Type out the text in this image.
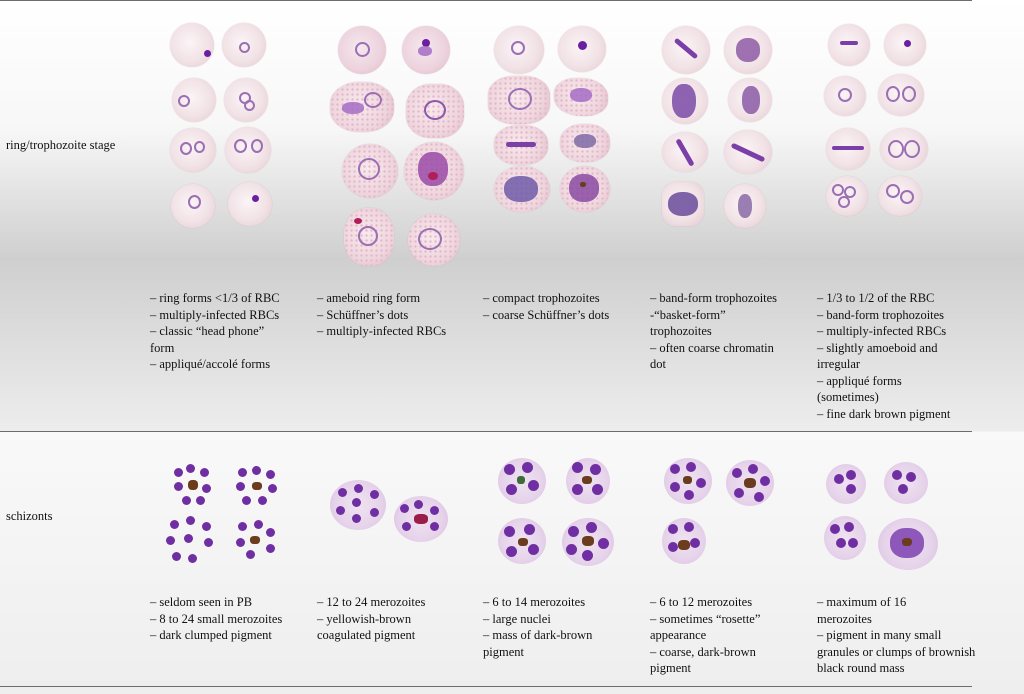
ring/trophozoite stage
schizonts
– ring forms <1/3 of RBC
– multiply-infected RBCs
– classic “head phone” form
– appliqué/accolé forms
– ameboid ring form
– Schüffner’s dots
– multiply-infected RBCs
– compact trophozoites
– coarse Schüffner’s dots
– band-form trophozoites
-“basket-form” trophozoites
– often coarse chromatin dot
– 1/3 to 1/2 of the RBC
– band-form trophozoites
– multiply-infected RBCs
– slightly amoeboid and irregular
– appliqué forms (sometimes)
– fine dark brown pigment
– seldom seen in PB
– 8 to 24 small merozoites
– dark clumped pigment
– 12 to 24 merozoites
– yellowish-brown coagulated pigment
– 6 to 14 merozoites
– large nuclei
– mass of dark-brown pigment
– 6 to 12 merozoites
– sometimes “rosette” appearance
– coarse, dark-brown pigment
– maximum of 16 merozoites
– pigment in many small granules or clumps of brownish black round mass
